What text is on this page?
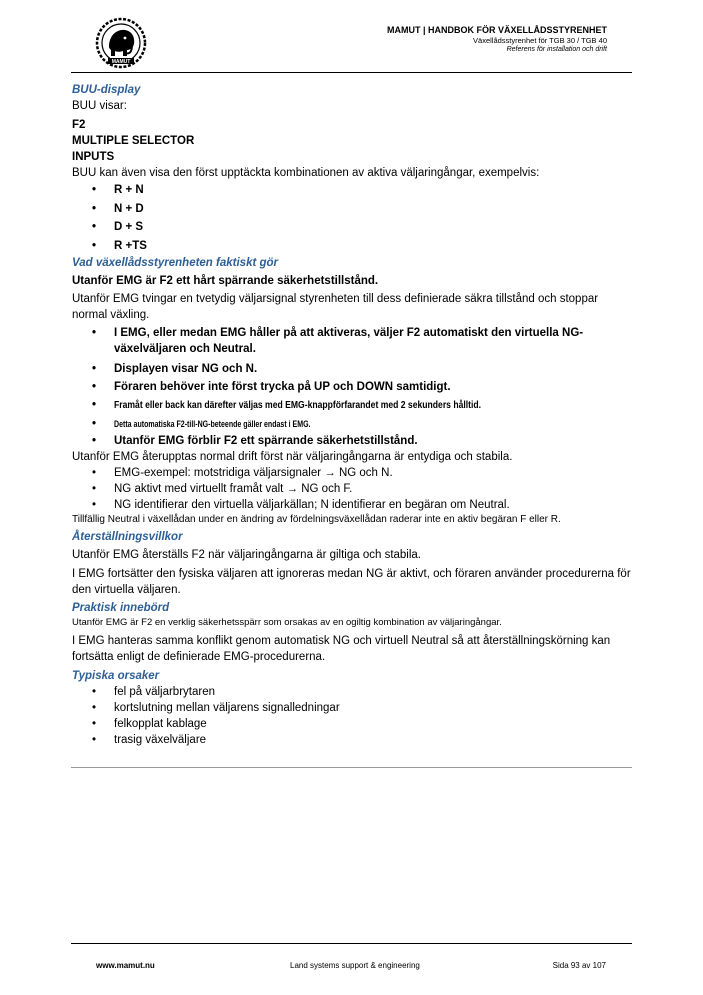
MAMUT
MAMUT | HANDBOK FÖR VÄXELLÅDSSTYRENHET
Växellådsstyrenhet för TGB 30 / TGB 40
Referens för installation och drift

BUU-display

BUU visar:

F2

MULTIPLE SELECTOR

INPUTS

BUU kan även visa den först upptäckta kombinationen av aktiva väljaringångar, exempelvis:

• R + N
• N + D
• D + S
• R +TS

Vad växellådsstyrenheten faktiskt gör

Utanför EMG är F2 ett hårt spärrande säkerhetstillstånd.

Utanför EMG tvingar en tvetydig väljarsignal styrenheten till dess definierade säkra tillstånd och stoppar normal växling.

• I EMG, eller medan EMG håller på att aktiveras, väljer F2 automatiskt den virtuella NG-växelväljaren och Neutral.
• Displayen visar NG och N.
• Föraren behöver inte först trycka på UP och DOWN samtidigt.
• Framåt eller back kan därefter väljas med EMG-knappförfarandet med 2 sekunders hålltid.
• Detta automatiska F2-till-NG-beteende gäller endast i EMG.
• Utanför EMG förblir F2 ett spärrande säkerhetstillstånd.

Utanför EMG återupptas normal drift först när väljaringångarna är entydiga och stabila.

• EMG-exempel: motstridiga väljarsignaler → NG och N.
• NG aktivt med virtuellt framåt valt → NG och F.
• NG identifierar den virtuella väljarkällan; N identifierar en begäran om Neutral.

Tillfällig Neutral i växellådan under en ändring av fördelningsväxellådan raderar inte en aktiv begäran F eller R.

Återställningsvillkor

Utanför EMG återställs F2 när väljaringångarna är giltiga och stabila.

I EMG fortsätter den fysiska väljaren att ignoreras medan NG är aktivt, och föraren använder procedurerna för den virtuella väljaren.

Praktisk innebörd

Utanför EMG är F2 en verklig säkerhetsspärr som orsakas av en ogiltig kombination av väljaringångar.

I EMG hanteras samma konflikt genom automatisk NG och virtuell Neutral så att återställningskörning kan fortsätta enligt de definierade EMG-procedurerna.

Typiska orsaker

• fel på väljarbrytaren
• kortslutning mellan väljarens signalledningar
• felkopplat kablage
• trasig växelväljare
www.mamut.nu	Land systems support & engineering	Sida 93 av 107
